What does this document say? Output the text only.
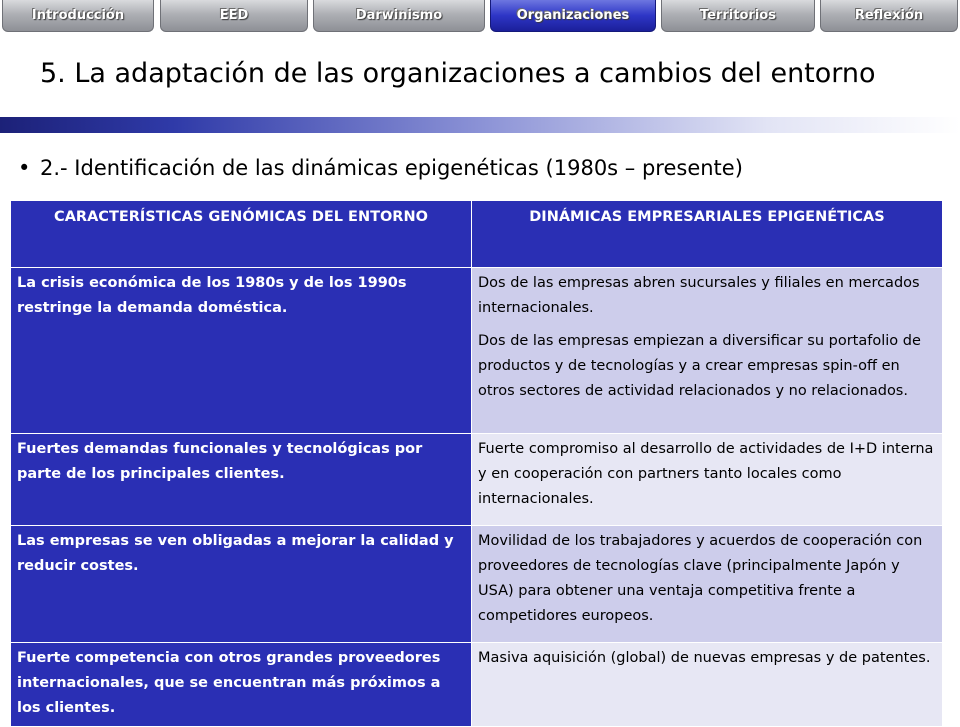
Introducción	EED	Darwinismo	Organizaciones	Territorios	Reflexión
5. La adaptación de las organizaciones a cambios del entorno
• 2.- Identificación de las dinámicas epigenéticas (1980s – presente)
CARACTERÍSTICAS GENÓMICAS DEL ENTORNO	DINÁMICAS EMPRESARIALES EPIGENÉTICAS
La crisis económica de los 1980s y de los 1990s restringe la demanda doméstica.	Dos de las empresas abren sucursales y filiales en mercados internacionales.

Dos de las empresas empiezan a diversificar su portafolio de productos y de tecnologías y a crear empresas spin-off en otros sectores de actividad relacionados y no relacionados.

Fuertes demandas funcionales y tecnológicas por parte de los principales clientes.	Fuerte compromiso al desarrollo de actividades de I+D interna y en cooperación con partners tanto locales como internacionales.

Las empresas se ven obligadas a mejorar la calidad y reducir costes.	Movilidad de los trabajadores y acuerdos de cooperación con proveedores de tecnologías clave (principalmente Japón y USA) para obtener una ventaja competitiva frente a competidores europeos.

Fuerte competencia con otros grandes proveedores internacionales, que se encuentran más próximos a los clientes.	Masiva aquisición (global) de nuevas empresas y de patentes.
